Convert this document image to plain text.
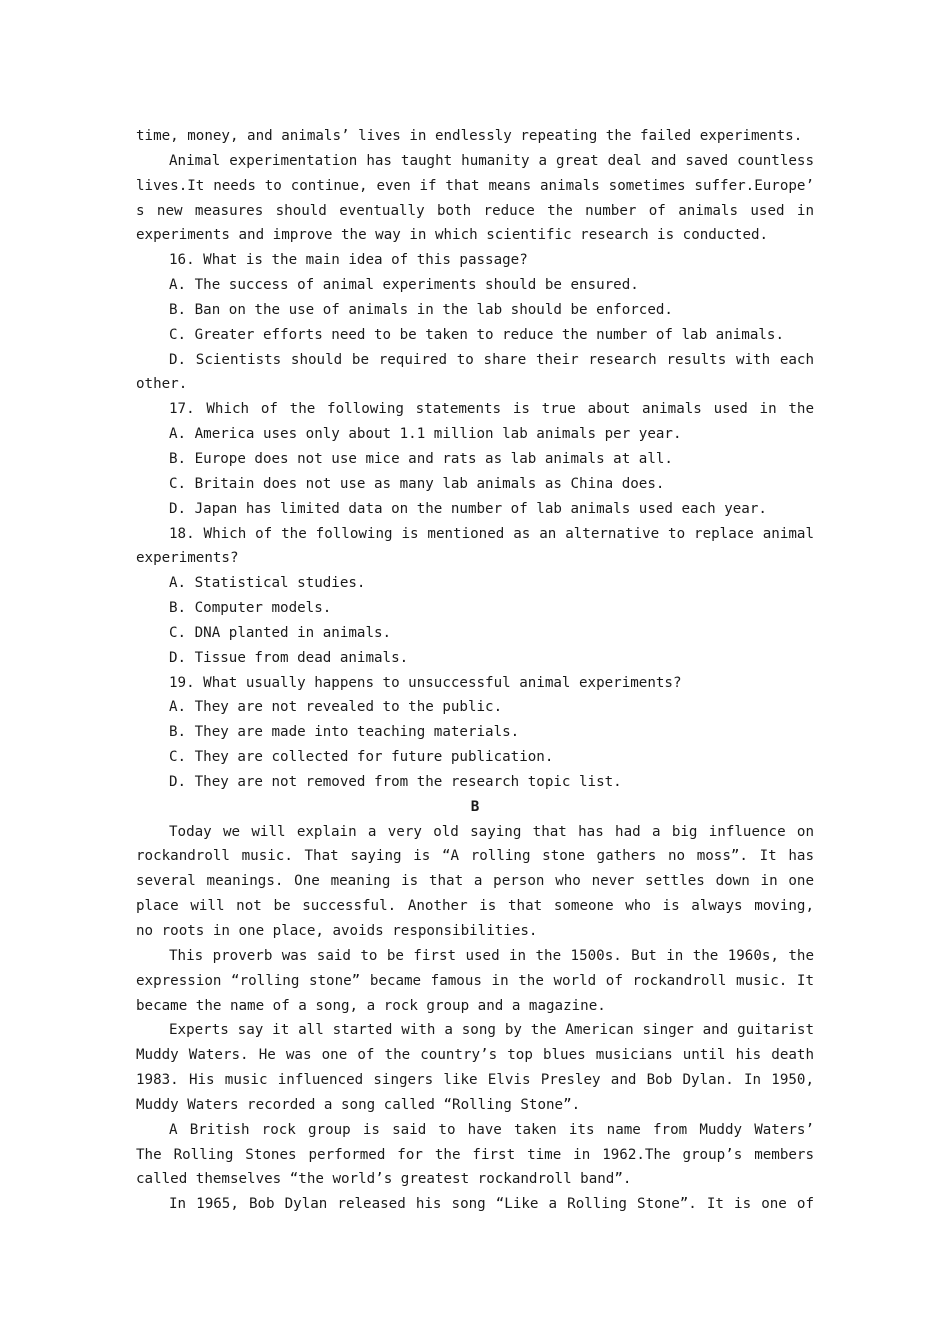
time, money, and animals’ lives in endlessly repeating the failed experiments.

Animal experimentation has taught humanity a great deal and saved countless

lives.It needs to continue, even if that means animals sometimes suffer.Europe’

s new measures should eventually both reduce the number of animals used in

experiments and improve the way in which scientific research is conducted.

16. What is the main idea of this passage?

A. The success of animal experiments should be ensured.

B. Ban on the use of animals in the lab should be enforced.

C. Greater efforts need to be taken to reduce the number of lab animals.

D. Scientists should be required to share their research results with each

other.

17. Which of the following statements is true about animals used in the

A. America uses only about 1.1 million lab animals per year.

B. Europe does not use mice and rats as lab animals at all.

C. Britain does not use as many lab animals as China does.

D. Japan has limited data on the number of lab animals used each year.

18. Which of the following is mentioned as an alternative to replace animal

experiments?

A. Statistical studies.

B. Computer models.

C. DNA planted in animals.

D. Tissue from dead animals.

19. What usually happens to unsuccessful animal experiments?

A. They are not revealed to the public.

B. They are made into teaching materials.

C. They are collected for future publication.

D. They are not removed from the research topic list.

B

Today we will explain a very old saying that has had a big influence on

rockandroll music. That saying is “A rolling stone gathers no moss”. It has

several meanings. One meaning is that a person who never settles down in one

place will not be successful. Another is that someone who is always moving,

no roots in one place, avoids responsibilities.

This proverb was said to be first used in the 1500s. But in the 1960s, the

expression “rolling stone” became famous in the world of rockandroll music. It

became the name of a song, a rock group and a magazine.

Experts say it all started with a song by the American singer and guitarist

Muddy Waters. He was one of the country’s top blues musicians until his death

1983. His music influenced singers like Elvis Presley and Bob Dylan. In 1950,

Muddy Waters recorded a song called “Rolling Stone”.

A British rock group is said to have taken its name from Muddy Waters’

The Rolling Stones performed for the first time in 1962.The group’s members

called themselves “the world’s greatest rockandroll band”.

In 1965, Bob Dylan released his song “Like a Rolling Stone”. It is one of
